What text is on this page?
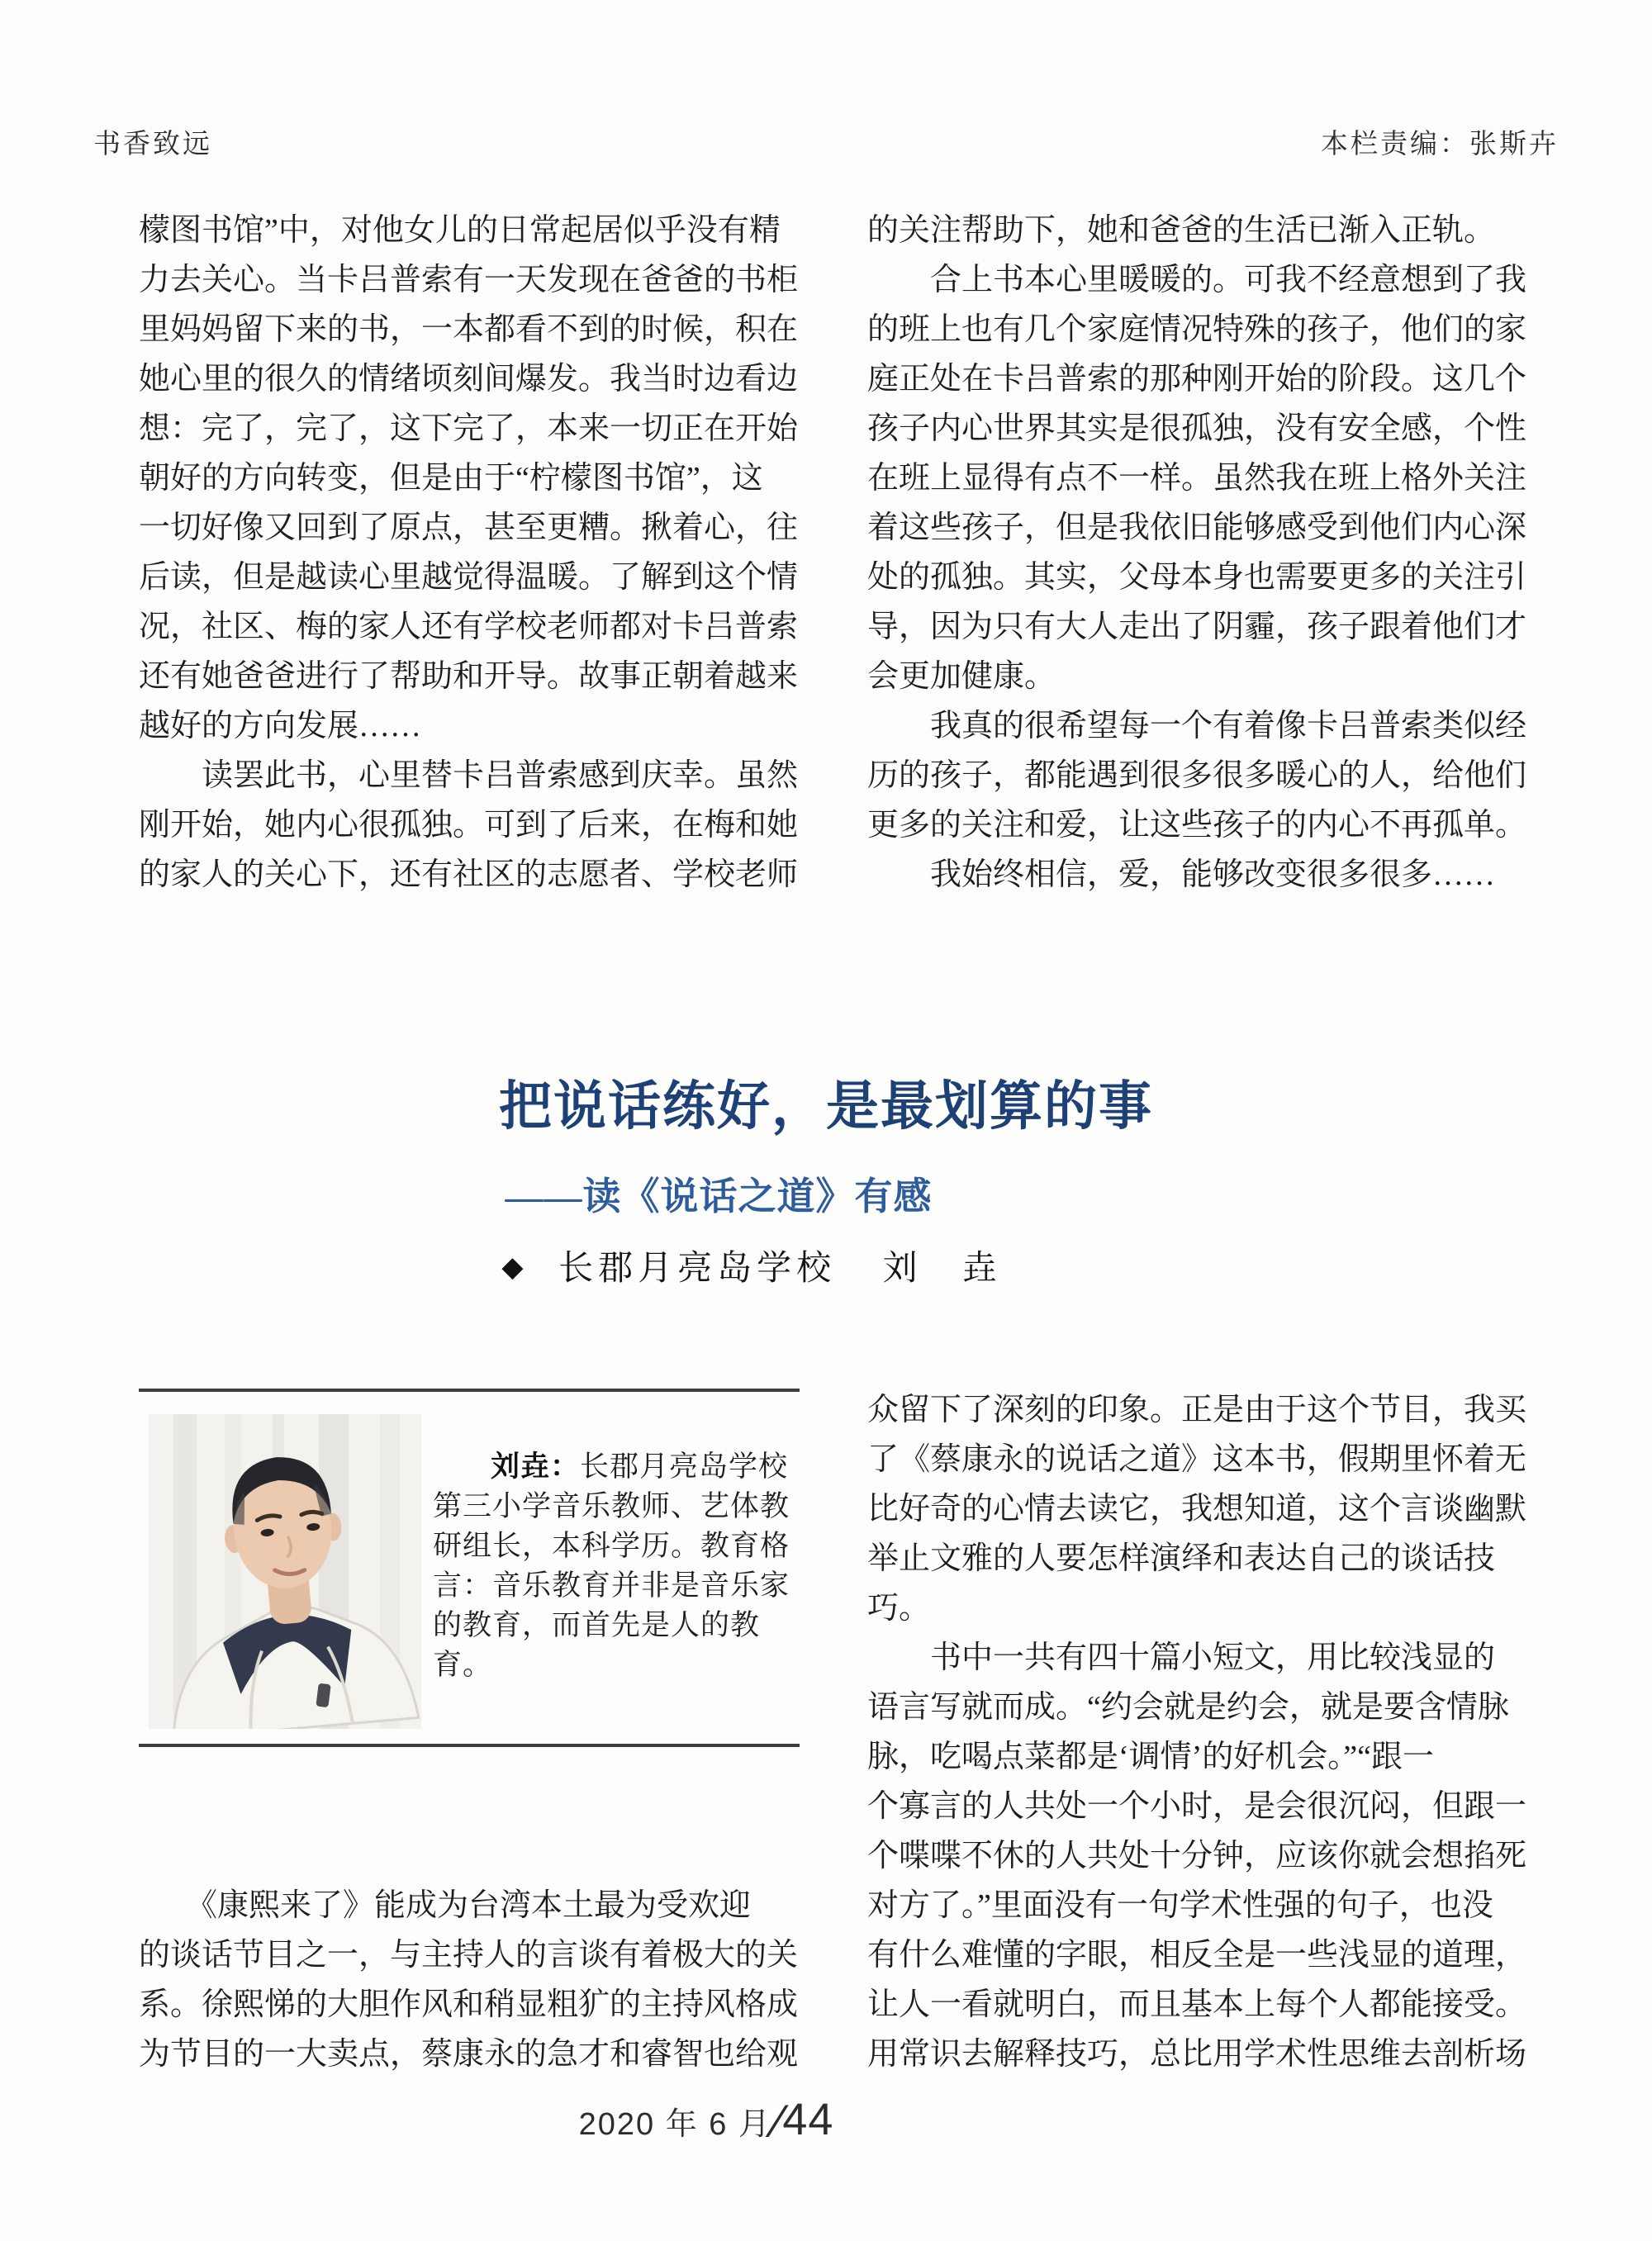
书香致远	本栏责编：张斯卉
檬图书馆”中，对他女儿的日常起居似乎没有精
力去关心。当卡吕普索有一天发现在爸爸的书柜
里妈妈留下来的书，一本都看不到的时候，积在
她心里的很久的情绪顷刻间爆发。我当时边看边
想：完了，完了，这下完了，本来一切正在开始
朝好的方向转变，但是由于“柠檬图书馆”，这
一切好像又回到了原点，甚至更糟。揪着心，往
后读，但是越读心里越觉得温暖。了解到这个情
况，社区、梅的家人还有学校老师都对卡吕普索
还有她爸爸进行了帮助和开导。故事正朝着越来
越好的方向发展……
　　读罢此书，心里替卡吕普索感到庆幸。虽然
刚开始，她内心很孤独。可到了后来，在梅和她
的家人的关心下，还有社区的志愿者、学校老师
的关注帮助下，她和爸爸的生活已渐入正轨。
　　合上书本心里暖暖的。可我不经意想到了我
的班上也有几个家庭情况特殊的孩子，他们的家
庭正处在卡吕普索的那种刚开始的阶段。这几个
孩子内心世界其实是很孤独，没有安全感，个性
在班上显得有点不一样。虽然我在班上格外关注
着这些孩子，但是我依旧能够感受到他们内心深
处的孤独。其实，父母本身也需要更多的关注引
导，因为只有大人走出了阴霾，孩子跟着他们才
会更加健康。
　　我真的很希望每一个有着像卡吕普索类似经
历的孩子，都能遇到很多很多暖心的人，给他们
更多的关注和爱，让这些孩子的内心不再孤单。
　　我始终相信，爱，能够改变很多很多……
把说话练好，是最划算的事
——读《说话之道》有感
◆ 长郡月亮岛学校 刘　垚
刘垚：长郡月亮岛学校
第三小学音乐教师、艺体教
研组长，本科学历。教育格
言：音乐教育并非是音乐家
的教育，而首先是人的教
育。
　　《康熙来了》能成为台湾本土最为受欢迎
的谈话节目之一，与主持人的言谈有着极大的关
系。徐熙悌的大胆作风和稍显粗犷的主持风格成
为节目的一大卖点，蔡康永的急才和睿智也给观
众留下了深刻的印象。正是由于这个节目，我买
了《蔡康永的说话之道》这本书，假期里怀着无
比好奇的心情去读它，我想知道，这个言谈幽默
举止文雅的人要怎样演绎和表达自己的谈话技
巧。
　　书中一共有四十篇小短文，用比较浅显的
语言写就而成。“约会就是约会，就是要含情脉
脉，吃喝点菜都是‘调情’的好机会。”“跟一
个寡言的人共处一个小时，是会很沉闷，但跟一
个喋喋不休的人共处十分钟，应该你就会想掐死
对方了。”里面没有一句学术性强的句子，也没
有什么难懂的字眼，相反全是一些浅显的道理，
让人一看就明白，而且基本上每个人都能接受。
用常识去解释技巧，总比用学术性思维去剖析场
2020 年 6 月 ∕44
